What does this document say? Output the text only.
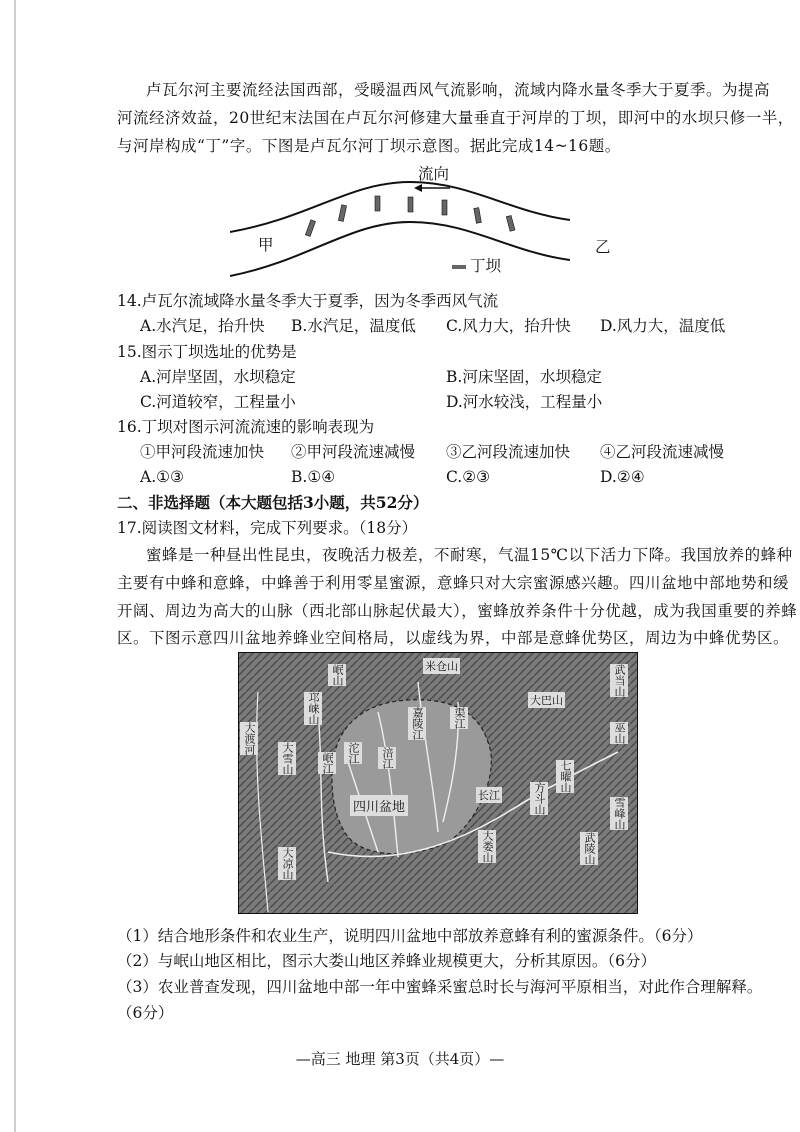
卢瓦尔河主要流经法国西部，受暖温西风气流影响，流域内降水量冬季大于夏季。为提高
河流经济效益，20世纪末法国在卢瓦尔河修建大量垂直于河岸的丁坝，即河中的水坝只修一半，
与河岸构成“丁”字。下图是卢瓦尔河丁坝示意图。据此完成14~16题。
流向
甲	乙
丁坝
14.卢瓦尔流域降水量冬季大于夏季，因为冬季西风气流
A.水汽足，抬升快 B.水汽足，温度低 C.风力大，抬升快 D.风力大，温度低
15.图示丁坝选址的优势是
A.河岸坚固，水坝稳定	B.河床坚固，水坝稳定
C.河道较窄，工程量小	D.河水较浅，工程量小
16.丁坝对图示河流流速的影响表现为
①甲河段流速加快 ②甲河段流速减慢 ③乙河段流速加快 ④乙河段流速减慢
A.①③	B.①④	C.②③	D.②④
二、非选择题（本大题包括3小题，共52分）
17.阅读图文材料，完成下列要求。（18分）
蜜蜂是一种昼出性昆虫，夜晚活力极差，不耐寒，气温15℃以下活力下降。我国放养的蜂种
主要有中蜂和意蜂，中蜂善于利用零星蜜源，意蜂只对大宗蜜源感兴趣。四川盆地中部地势和缓
开阔、周边为高大的山脉（西北部山脉起伏最大），蜜蜂放养条件十分优越，成为我国重要的养蜂
区。下图示意四川盆地养蜂业空间格局，以虚线为界，中部是意蜂优势区，周边为中蜂优势区。
米仓山
大巴山
武当山
巫山
岷山
邛崃山
大渡河
大雪山 岷江 沱江 涪江
嘉陵江	渠江
四川盆地
长江
七曜山
方斗山
大娄山	武陵山
大凉山
雪峰山
（1）结合地形条件和农业生产，说明四川盆地中部放养意蜂有利的蜜源条件。（6分）
（2）与岷山地区相比，图示大娄山地区养蜂业规模更大，分析其原因。（6分）
（3）农业普查发现，四川盆地中部一年中蜜蜂采蜜总时长与海河平原相当，对此作合理解释。
（6分）
—高三 地理 第3页（共4页）—
